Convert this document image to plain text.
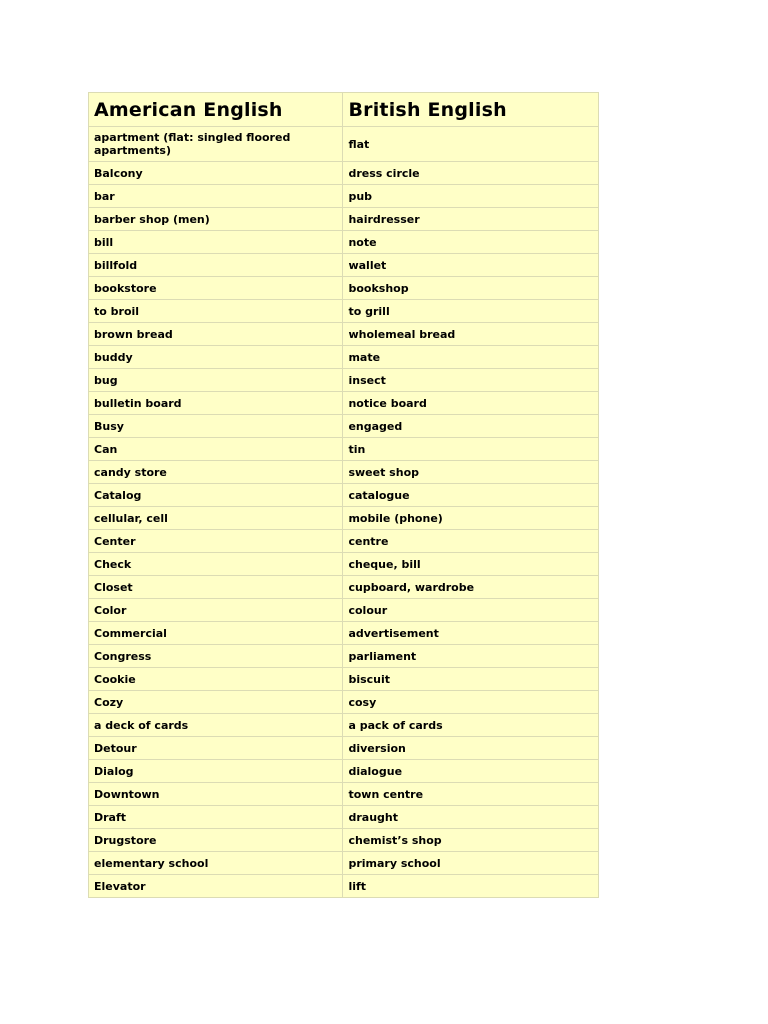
American English	British English
apartment (flat: singled floored apartments)	flat
Balcony	dress circle
bar	pub
barber shop (men)	hairdresser
bill	note
billfold	wallet
bookstore	bookshop
to broil	to grill
brown bread	wholemeal bread
buddy	mate
bug	insect
bulletin board	notice board
Busy	engaged
Can	tin
candy store	sweet shop
Catalog	catalogue
cellular, cell	mobile (phone)
Center	centre
Check	cheque, bill
Closet	cupboard, wardrobe
Color	colour
Commercial	advertisement
Congress	parliament
Cookie	biscuit
Cozy	cosy
a deck of cards	a pack of cards
Detour	diversion
Dialog	dialogue
Downtown	town centre
Draft	draught
Drugstore	chemist’s shop
elementary school	primary school
Elevator	lift
